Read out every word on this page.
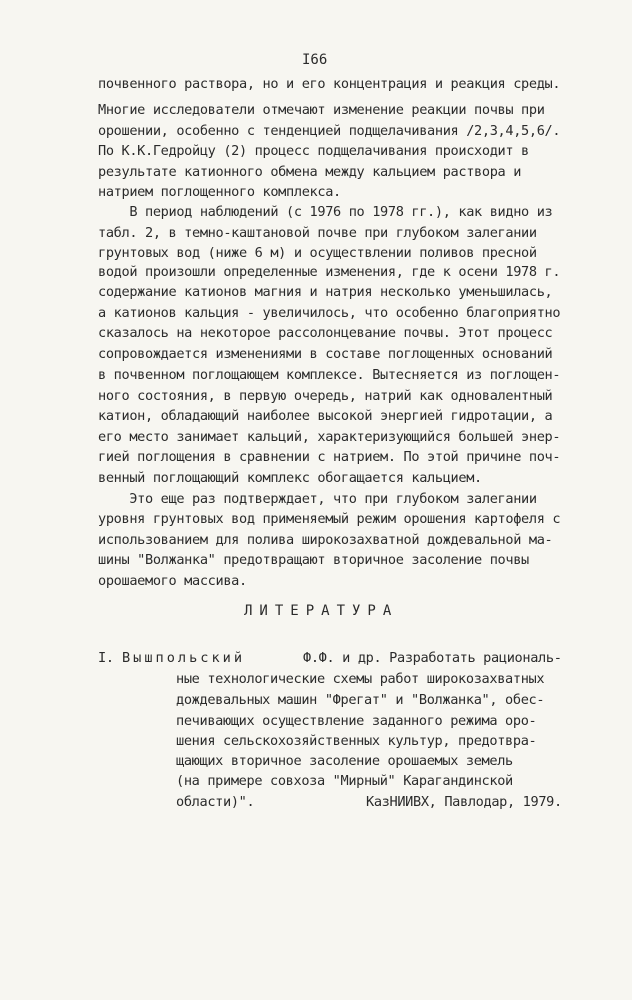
I66
почвенного раствора, но и его концентрация и реакция среды.
Многие исследователи отмечают изменение реакции почвы при
орошении, особенно с тенденцией подщелачивания /2,3,4,5,6/.
По К.К.Гедройцу (2) процесс подщелачивания происходит в
результате катионного обмена между кальцием раствора и
натрием поглощенного комплекса.
В период наблюдений (с 1976 по 1978 гг.), как видно из
табл. 2, в темно-каштановой почве при глубоком залегании
грунтовых вод (ниже 6 м) и осуществлении поливов пресной
водой произошли определенные изменения, где к осени 1978 г.
содержание катионов магния и натрия несколько уменьшилась,
а катионов кальция - увеличилось, что особенно благоприятно
сказалось на некоторое рассолонцевание почвы. Этот процесс
сопровождается изменениями в составе поглощенных оснований
в почвенном поглощающем комплексе. Вытесняется из поглощен-
ного состояния, в первую очередь, натрий как одновалентный
катион, обладающий наиболее высокой энергией гидротации, а
его место занимает кальций, характеризующийся большей энер-
гией поглощения в сравнении с натрием. По этой причине поч-
венный поглощающий комплекс обогащается кальцием.
Это еще раз подтверждает, что при глубоком залегании
уровня грунтовых вод применяемый режим орошения картофеля с
использованием для полива широкозахватной дождевальной ма-
шины "Волжанка" предотвращают вторичное засоление почвы
орошаемого массива.
ЛИТЕРАТУРА
I. Вышпольский	Ф.Ф. и др. Разработать рациональ-
ные технологические схемы работ широкозахватных
дождевальных машин "Фрегат" и "Волжанка", обес-
печивающих осуществление заданного режима оро-
шения сельскохозяйственных культур, предотвра-
щающих вторичное засоление орошаемых земель
(на примере совхоза "Мирный" Карагандинской
области)".	КазНИИВХ, Павлодар, 1979.
